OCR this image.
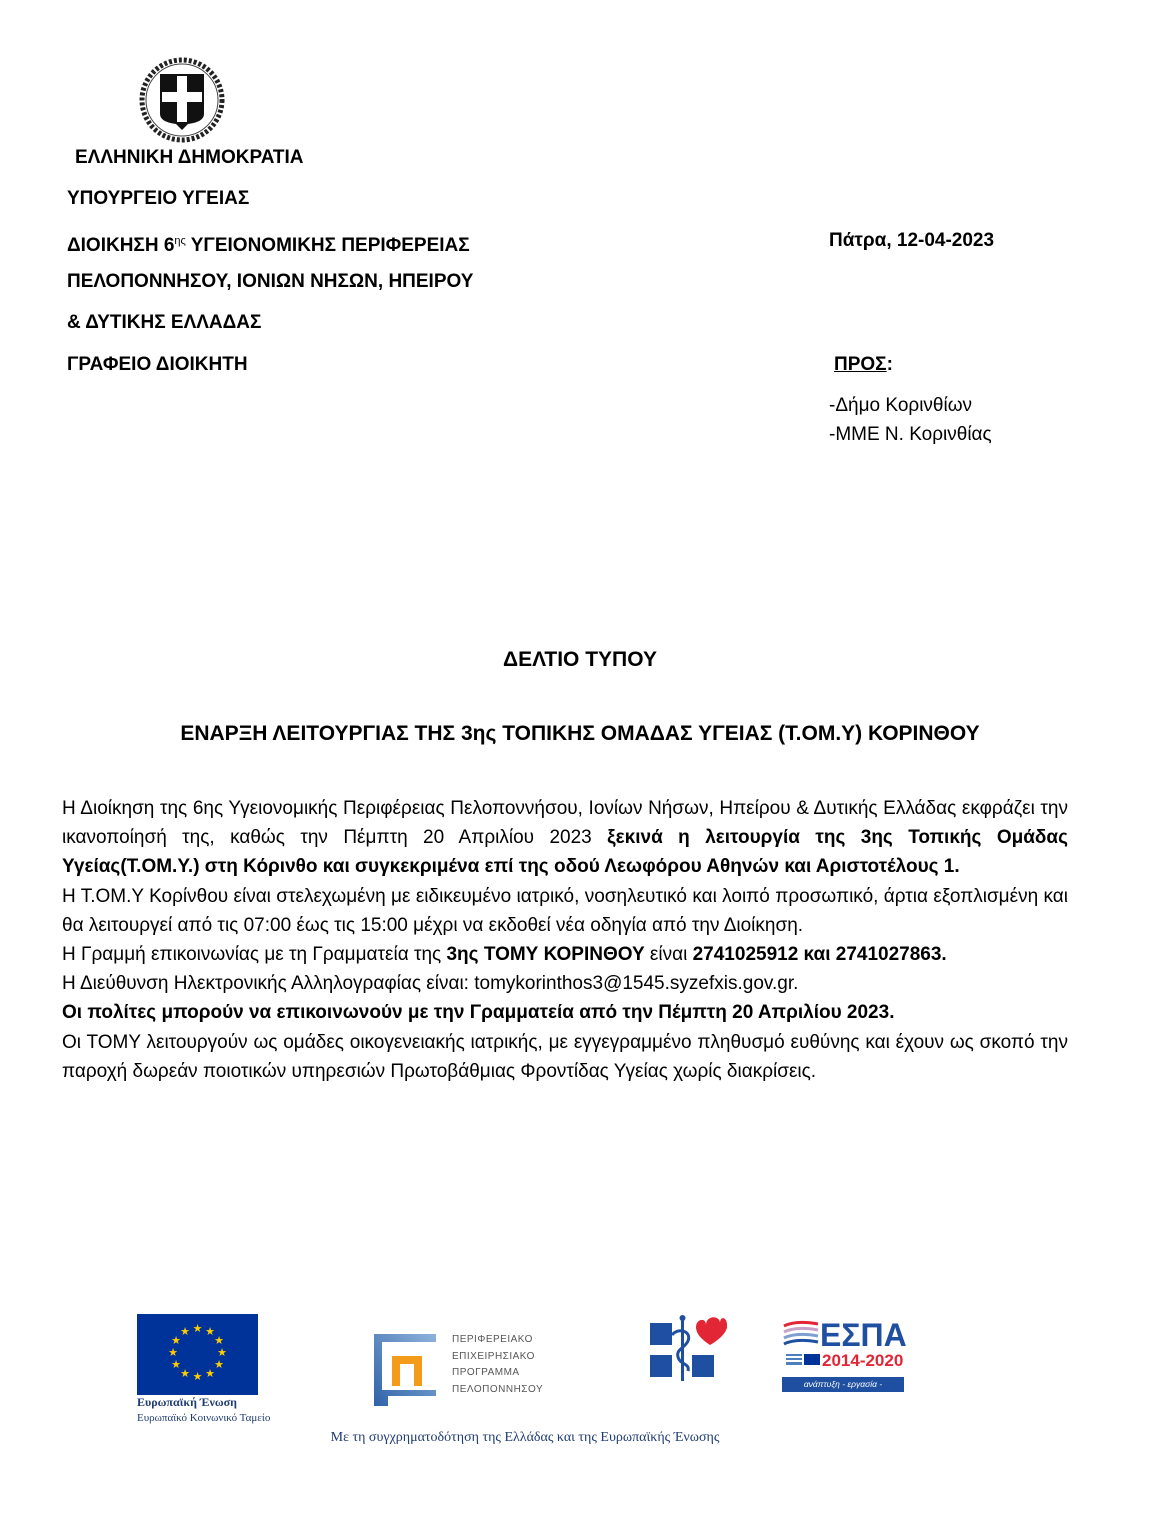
ΕΛΛΗΝΙΚΗ ΔΗΜΟΚΡΑΤΙΑ
ΥΠΟΥΡΓΕΙΟ ΥΓΕΙΑΣ
ΔΙΟΙΚΗΣΗ $6^{\eta\varsigma}$ ΥΓΕΙΟΝΟΜΙΚΗΣ ΠΕΡΙΦΕΡΕΙΑΣ
ΠΕΛΟΠΟΝΝΗΣΟΥ, ΙΟΝΙΩΝ ΝΗΣΩΝ, ΗΠΕΙΡΟΥ
& ΔΥΤΙΚΗΣ ΕΛΛΑΔΑΣ
ΓΡΑΦΕΙΟ ΔΙΟΙΚΗΤΗ
Πάτρα, 12-04-2023
ΠΡΟΣ:
-Δήμο Κορινθίων
-ΜΜΕ Ν. Κορινθίας
ΔΕΛΤΙΟ ΤΥΠΟΥ
ΕΝΑΡΞΗ ΛΕΙΤΟΥΡΓΙΑΣ ΤΗΣ 3ης ΤΟΠΙΚΗΣ ΟΜΑΔΑΣ ΥΓΕΙΑΣ (Τ.ΟΜ.Υ) ΚΟΡΙΝΘΟΥ

Η Διοίκηση της 6ης Υγειονομικής Περιφέρειας Πελοποννήσου, Ιονίων Νήσων, Ηπείρου & Δυτικής Ελλάδας εκφράζει την ικανοποίησή της, καθώς την Πέμπτη 20 Απριλίου 2023 ξεκινά η λειτουργία της 3ης Τοπικής Ομάδας Υγείας(Τ.ΟΜ.Υ.) στη Κόρινθο και συγκεκριμένα επί της οδού Λεωφόρου Αθηνών και Αριστοτέλους 1.

Η Τ.ΟΜ.Υ Κορίνθου είναι στελεχωμένη με ειδικευμένο ιατρικό, νοσηλευτικό και λοιπό προσωπικό, άρτια εξοπλισμένη και θα λειτουργεί από τις 07:00 έως τις 15:00 μέχρι να εκδοθεί νέα οδηγία από την Διοίκηση.

Η Γραμμή επικοινωνίας με τη Γραμματεία της 3ης ΤΟΜΥ ΚΟΡΙΝΘΟΥ είναι 2741025912 και 2741027863.

Η Διεύθυνση Ηλεκτρονικής Αλληλογραφίας είναι: tomykorinthos3@1545.syzefxis.gov.gr.

Οι πολίτες μπορούν να επικοινωνούν με την Γραμματεία από την Πέμπτη 20 Απριλίου 2023.

Οι ΤΟΜΥ λειτουργούν ως ομάδες οικογενειακής ιατρικής, με εγγεγραμμένο πληθυσμό ευθύνης και έχουν ως σκοπό την παροχή δωρεάν ποιοτικών υπηρεσιών Πρωτοβάθμιας Φροντίδας Υγείας χωρίς διακρίσεις.

★ ★
★
★
★
★
★
★
★
★
★
★
Ευρωπαϊκή Ένωση
Ευρωπαϊκό Κοινωνικό Ταμείο
ΠΕΡΙΦΕΡΕΙΑΚΟ
ΕΠΙΧΕΙΡΗΣΙΑΚΟ
ΠΡΟΓΡΑΜΜΑ
ΠΕΛΟΠΟΝΝΗΣΟΥ
ΕΣΠΑ
2014-2020
ανάπτυξη - εργασία - αλληλεγγύη
Με τη συγχρηματοδότηση της Ελλάδας και της Ευρωπαϊκής Ένωσης
